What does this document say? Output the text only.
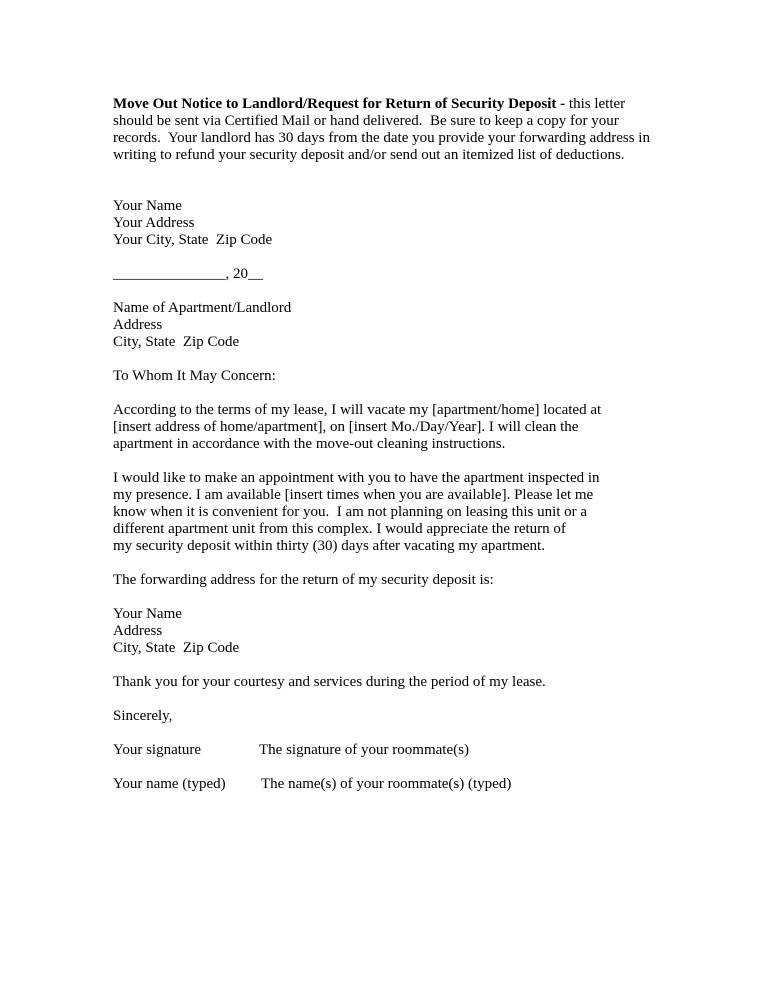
Move Out Notice to Landlord/Request for Return of Security Deposit - this letter
should be sent via Certified Mail or hand delivered.  Be sure to keep a copy for your
records.  Your landlord has 30 days from the date you provide your forwarding address in
writing to refund your security deposit and/or send out an itemized list of deductions.
Your Name
Your Address
Your City, State  Zip Code
_______________, 20__
Name of Apartment/Landlord
Address
City, State  Zip Code
To Whom It May Concern:
According to the terms of my lease, I will vacate my [apartment/home] located at
[insert address of home/apartment], on [insert Mo./Day/Year]. I will clean the
apartment in accordance with the move-out cleaning instructions.
I would like to make an appointment with you to have the apartment inspected in
my presence. I am available [insert times when you are available]. Please let me
know when it is convenient for you.  I am not planning on leasing this unit or a
different apartment unit from this complex. I would appreciate the return of
my security deposit within thirty (30) days after vacating my apartment.
The forwarding address for the return of my security deposit is:
Your Name
Address
City, State  Zip Code
Thank you for your courtesy and services during the period of my lease.
Sincerely,
Your signature	The signature of your roommate(s)
Your name (typed)	The name(s) of your roommate(s) (typed)
